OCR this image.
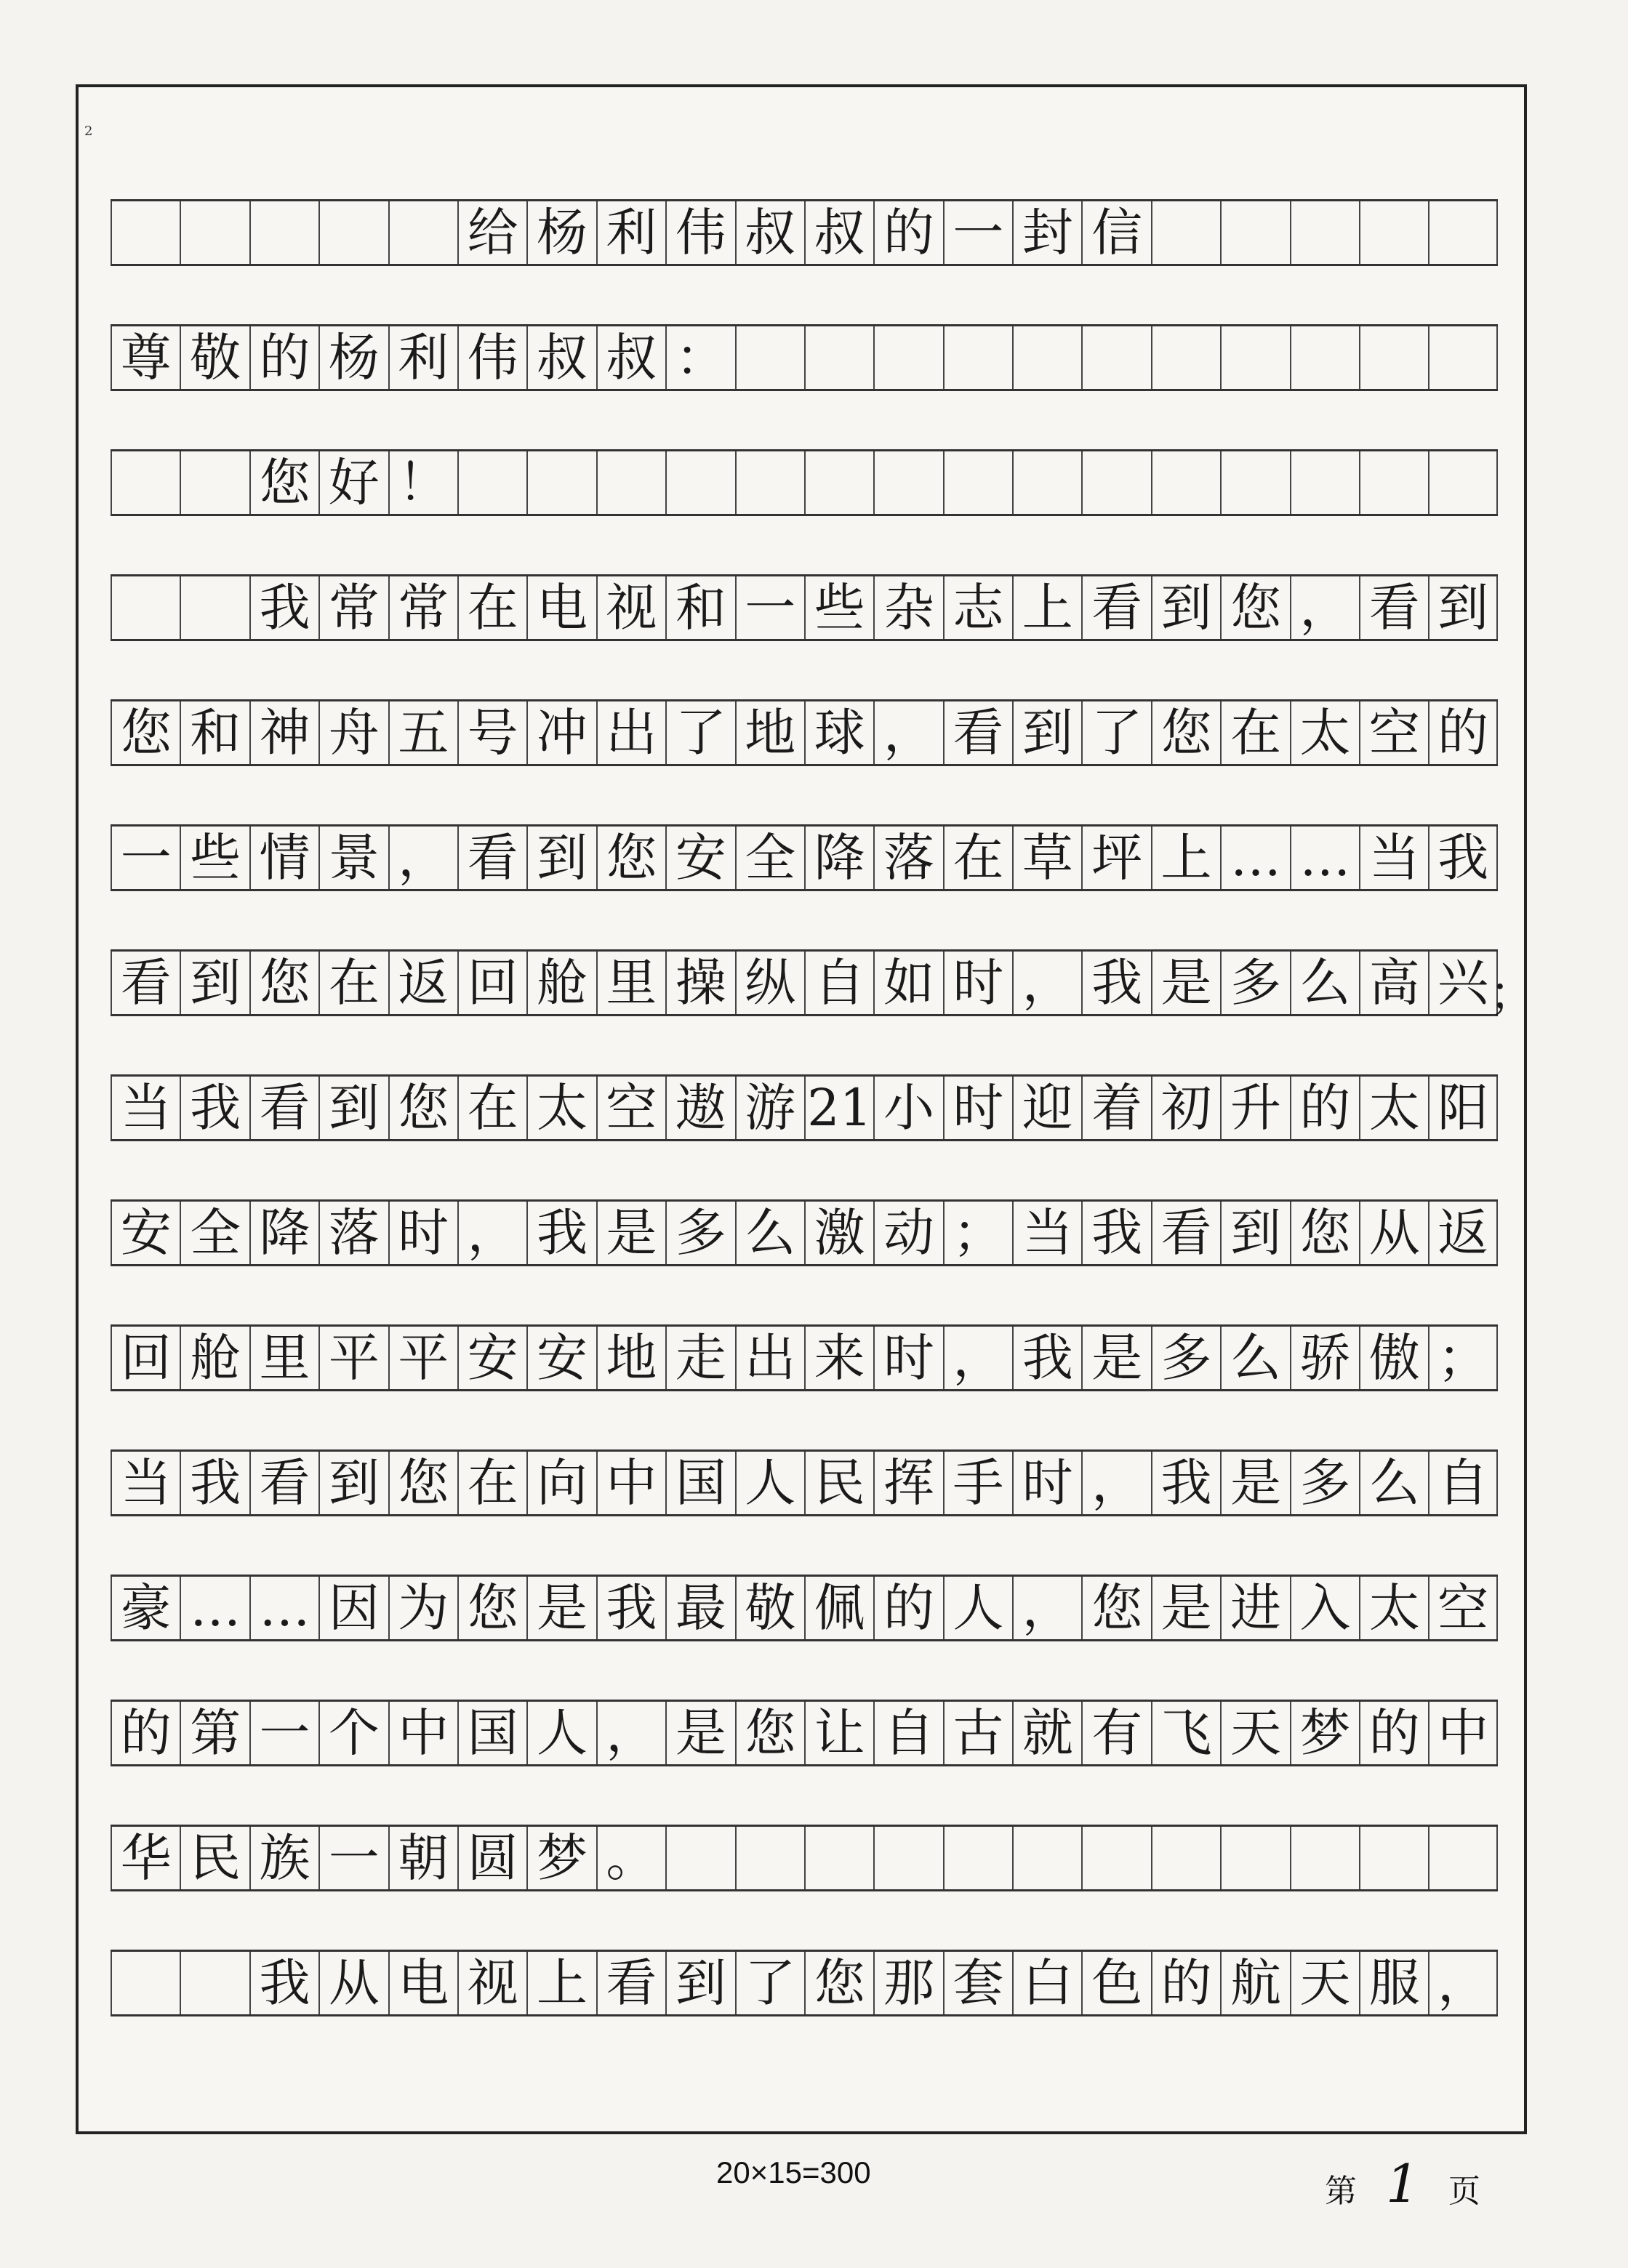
2
给 杨 利 伟 叔 叔 的 一 封 信
尊 敬 的 杨 利 伟 叔 叔 ：
您 好 ！
我 常 常 在 电 视 和 一 些 杂 志 上 看 到 您 ， 看 到
您 和 神 舟 五 号 冲 出 了 地 球 ， 看 到 了 您 在 太 空 的
一 些 情 景 ， 看 到 您 安 全 降 落 在 草 坪 上 … … 当 我
看 到 您 在 返 回 舱 里 操 纵 自 如 时 ， 我 是 多 么 高 兴 ；
当 我 看 到 您 在 太 空 遨 游 21 小 时 迎 着 初 升 的 太 阳
安 全 降 落 时 ， 我 是 多 么 激 动 ； 当 我 看 到 您 从 返
回 舱 里 平 平 安 安 地 走 出 来 时 ， 我 是 多 么 骄 傲 ；
当 我 看 到 您 在 向 中 国 人 民 挥 手 时 ， 我 是 多 么 自
豪 … … 因 为 您 是 我 最 敬 佩 的 人 ， 您 是 进 入 太 空
的 第 一 个 中 国 人 ， 是 您 让 自 古 就 有 飞 天 梦 的 中
华 民 族 一 朝 圆 梦 。
我 从 电 视 上 看 到 了 您 那 套 白 色 的 航 天 服 ，
20×15=300
第 1 页
